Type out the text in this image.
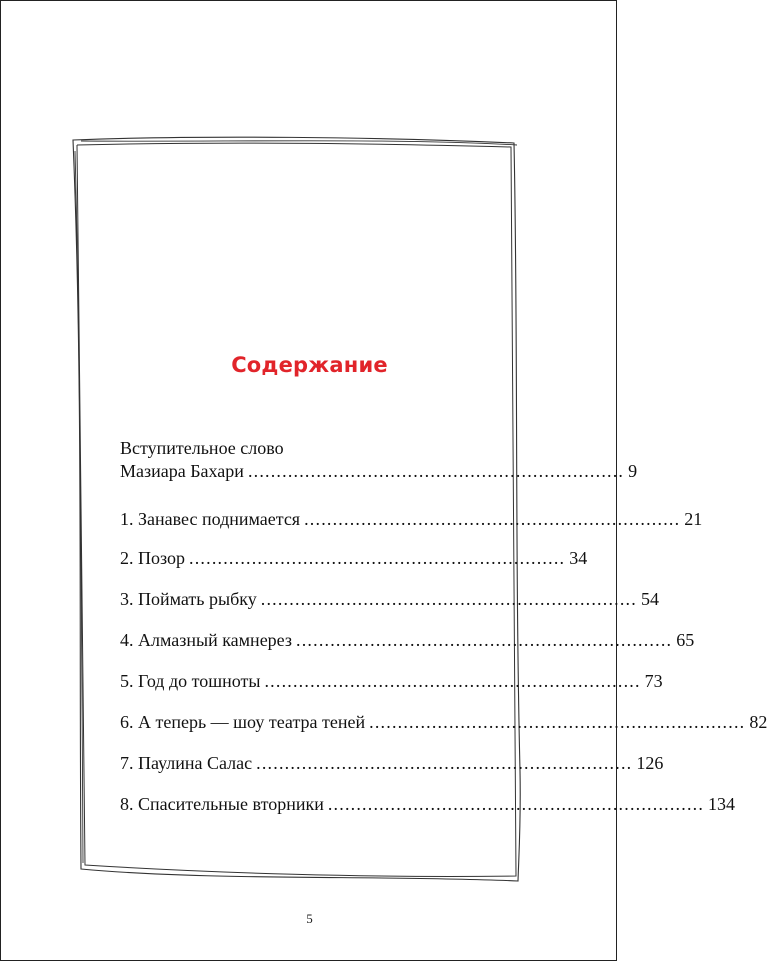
Содержание
Вступительное слово
Мазиара Бахари .................................................................. 9
1. Занавес поднимается .................................................................. 21
2. Позор .................................................................. 34
3. Поймать рыбку .................................................................. 54
4. Алмазный камнерез .................................................................. 65
5. Год до тошноты .................................................................. 73
6. А теперь — шоу театра теней .................................................................. 82
7. Паулина Салас .................................................................. 126
8. Спасительные вторники .................................................................. 134
5
